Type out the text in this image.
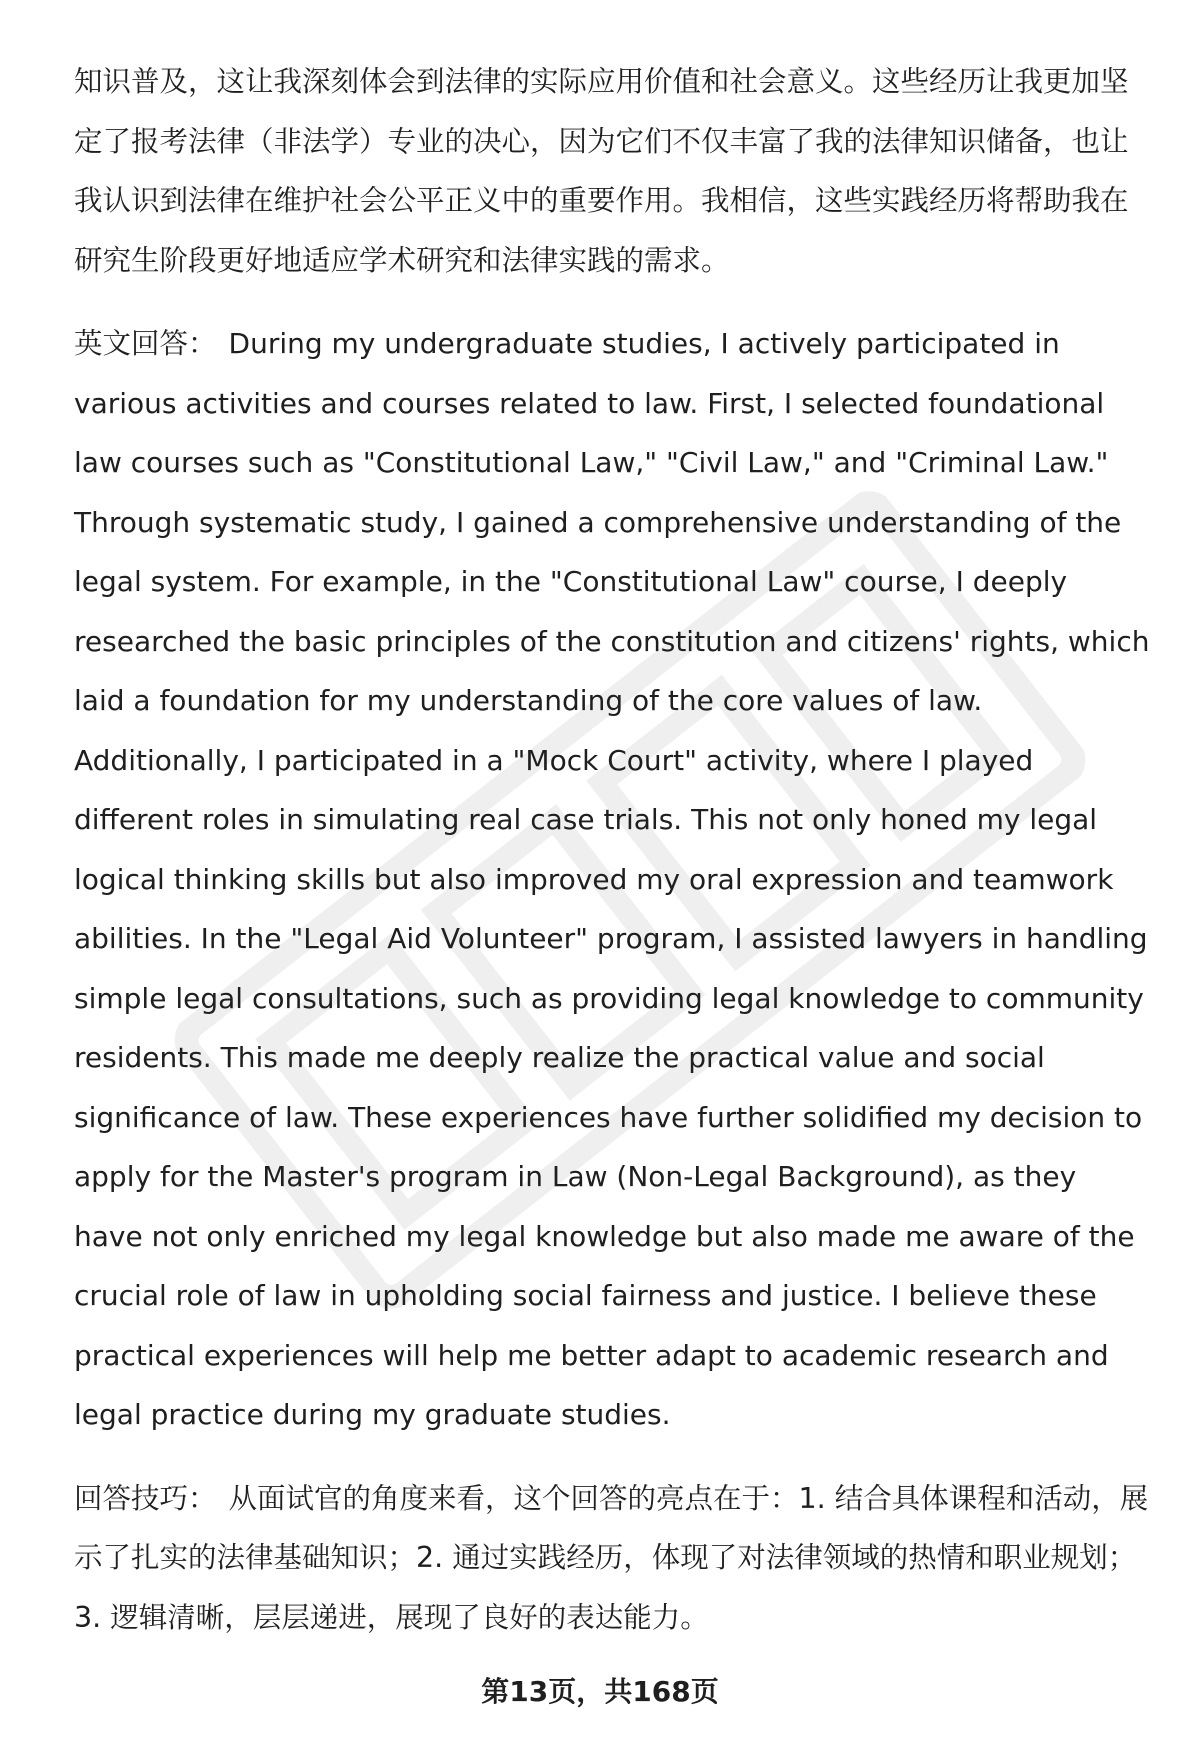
知识普及，这让我深刻体会到法律的实际应用价值和社会意义。这些经历让我更加坚定了报考法律（非法学）专业的决心，因为它们不仅丰富了我的法律知识储备，也让我认识到法律在维护社会公平正义中的重要作用。我相信，这些实践经历将帮助我在研究生阶段更好地适应学术研究和法律实践的需求。

英文回答： During my undergraduate studies, I actively participated in various activities and courses related to law. First, I selected foundational law courses such as "Constitutional Law," "Civil Law," and "Criminal Law." Through systematic study, I gained a comprehensive understanding of the legal system. For example, in the "Constitutional Law" course, I deeply researched the basic principles of the constitution and citizens' rights, which laid a foundation for my understanding of the core values of law. Additionally, I participated in a "Mock Court" activity, where I played different roles in simulating real case trials. This not only honed my legal logical thinking skills but also improved my oral expression and teamwork abilities. In the "Legal Aid Volunteer" program, I assisted lawyers in handling simple legal consultations, such as providing legal knowledge to community residents. This made me deeply realize the practical value and social significance of law. These experiences have further solidified my decision to apply for the Master's program in Law (Non-Legal Background), as they have not only enriched my legal knowledge but also made me aware of the crucial role of law in upholding social fairness and justice. I believe these practical experiences will help me better adapt to academic research and legal practice during my graduate studies.

回答技巧： 从面试官的角度来看，这个回答的亮点在于：1. 结合具体课程和活动，展示了扎实的法律基础知识；2. 通过实践经历，体现了对法律领域的热情和职业规划；3. 逻辑清晰，层层递进，展现了良好的表达能力。

第13页，共168页
